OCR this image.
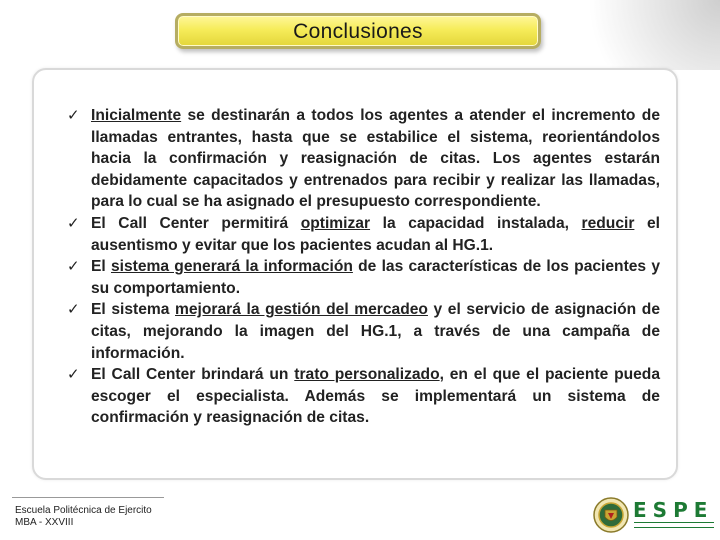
Conclusiones
✓ Inicialmente se destinarán a todos los agentes a atender el incremento de llamadas entrantes, hasta que se estabilice el sistema, reorientándolos hacia la confirmación y reasignación de citas. Los agentes estarán debidamente capacitados y entrenados para recibir y realizar las llamadas, para lo cual se ha asignado el presupuesto correspondiente.
✓ El Call Center permitirá optimizar la capacidad instalada, reducir el ausentismo y evitar que los pacientes acudan al HG.1.
✓ El sistema generará la información de las características de los pacientes y su comportamiento.
✓ El sistema mejorará la gestión del mercadeo y el servicio de asignación de citas, mejorando la imagen del HG.1, a través de una campaña de información.
✓ El Call Center brindará un trato personalizado, en el que el paciente pueda escoger el especialista. Además se implementará un sistema de confirmación y reasignación de citas.
Escuela Politécnica de Ejercito
MBA - XXVIII
ESPE
